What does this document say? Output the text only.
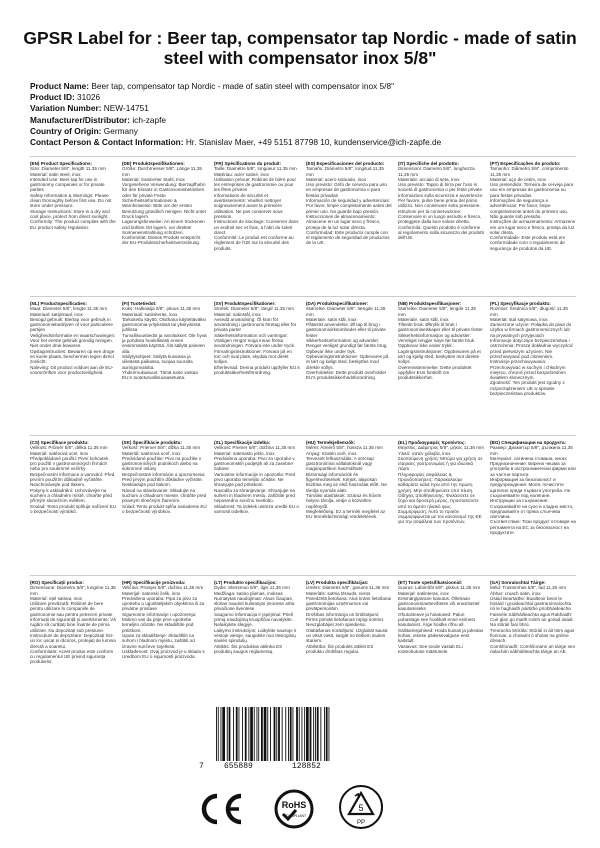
GPSR Label for : Beer tap, compensator tap Nordic - made of satin
steel with compensator inox 5/8"
Product Name: Beer tap, compensator tap Nordic - made of satin steel with compensator inox 5/8"
Product ID: 31026
Variation Number: NEW-14751
Manufacturer/Distributor: ich-zapfe
Country of Origin: Germany
Contact Person & Contact Information: Hr. Stanislav Maer, +49 5151 87798 10, kundenservice@ich-zapfe.de
(EN) Product Specifications:
Size: Diameter 5/8", length 11.35 mm
Material: satin steel, inox
Intended Use: Beer tap for use in gastronomy companies or for private parties
Safety Information & Warnings: Please clean thoroughly before first use. Do not store under pressure.
Storage Instructions: Store in a dry and cool place, protect from direct sunlight.
Conformity: The product complies with the EU product safety regulation.
(DE) Produktspezifikationen:
Größe: Durchmesser 5/8", Länge 11,35 mm
Material: Satinierter Stahl, Inox
Vorgesehene Verwendung: Bierzapfhahn für den Einsatz in Gastronomiebetrieben oder für private Feste
Sicherheitsinformationen & Warnhinweise: Bitte vor der ersten Benutzung gründlich reinigen. Nicht unter Druck lagern.
Lagerungshinweise: An einem trockenen und kühlen Ort lagern, vor direkter Sonneneinstrahlung schützen.
Konformität: Dieses Produkt entspricht der EU-Produktsicherheitsverordnung.
(FR) Spécifications du produit:
Taille: Diamètre 5/8", longueur 11,35 mm
Matériau: acier satiné, inox
Utilisation prévue: Robinet de bière pour les entreprises de gastronomie ou pour les fêtes privées
Informations de sécurité et avertissements: Veuillez nettoyer soigneusement avant la première utilisation. Ne pas conserver sous pression.
Instructions de stockage: Conserver dans un endroit sec et frais, à l'abri du soleil direct.
Conformité: Le produit est conforme au règlement de l'UE sur la sécurité des produits.
(ES) Especificaciones del producto:
Tamaño: Diámetro 5/8", longitud 11,35 mm
Material: acero satinado, inox
Uso previsto: Grifo de cerveza para uso en empresas de gastronomía o para fiestas privadas
Información de seguridad y advertencias: Por favor, limpie completamente antes del primer uso. No guarde bajo presión.
Instrucciones de almacenamiento: Almacene en un lugar seco y fresco, proteja de la luz solar directa.
Conformidad: Este producto cumple con el reglamento de seguridad de productos de la UE.
(IT) Specifiche del prodotto:
Dimensioni: Diametro 5/8", lunghezza 11,35 mm
Materiale: acciaio di seta, inox
Uso previsto: Tappo di birra per l'uso in società di gastronomia o per feste private
Informazioni sulla sicurezza e avvertenze: Per favore, pulire bene prima del primo utilizzo. Non conservare sotto pressione.
Istruzioni per la conservazione: Conservare in un luogo asciutto e fresco, proteggere dalla luce solare diretta.
Conformità: Questo prodotto è conforme al regolamento sulla sicurezza dei prodotti dell'UE.
(PT) Especificações do produto:
Tamanho: Diâmetro 5/8", comprimento 11,35 mm
Material: aço de cetim, inox
Uso pretendido: Torneira de cerveja para uso em empresas de gastronomia ou para festas privadas
Informações de segurança e advertências: Por favor, limpe completamente antes do primeiro uso. Não guarde sob pressão.
Instruções de armazenamento: Armazene em um lugar seco e fresco, proteja da luz solar direta.
Conformidade: Este produto está em conformidade com o regulamento de segurança de produtos da UE.
(NL) Productspecificaties:
Maat: Diameter 5/8", lengte 11,35 mm
Materiaal: satijnstaal, inox
Beoogd gebruik: Biertap voor gebruik in gastronomiebedrijven of voor particuliere partijen
Veiligheidsinformatie en waarschuwingen: Voor het eerste gebruik grondig reinigen. Niet onder druk bewaren.
Opslaginstructies: Bewaren op een droge en koele plaats, beschermen tegen direct zonlicht.
Naleving: Dit product voldoet aan de EU-voorschriften voor productveiligheid.
(FI) Tuotetiedot:
Koko: Halkaisija 5/8", pituus 11,35 mm
Materiaali: satiiniteräs, inox
Tarkoitettu käyttö: Oluthana käytettäväksi gastronomia-yrityksissä tai yksityisissä juhlissa
Turvallisuustiedot ja varoitukset: Ole hyvä ja puhdista huolellisesti ennen ensimmäistä käyttöä. Älä säilytä paineen alla.
Säilytysohjeet: Säilytä kuivassa ja viileässä paikassa, suojaa suoralta auringonvalolta.
Yhdenmukaisuus: Tämä tuote vastaa EU:n tuoteturvallisuusasetusta.
(SV) Produktspecifikationer:
Storlek: Diameter 5/8", längd 11,35 mm
Material: satinstål, inox
Avsedd användning: Öl kran för användning i gastronomi företag eller för privata parter
Säkerhetsinformation och varningar: Vänligen rengör noga innan första användningen. Förvara inte under tryck.
Förvaringsinstruktioner: Förvara på en torr och sval plats, skydda mot direkt solljus.
Efterlevnad: Denna produkt uppfyller EU:s produktsäkerhetsförordning.
(DA) Produktspecifikationer:
Størrelse: Diameter 5/8", længde 11,35 mm
Materiale: satin stål, inox
Påtænkt anvendelse: Øl tap til brug i gastronomivirksomheder eller til private fester
Sikkerhedsinformation og advarsler: Rengør venligst grundigt før første brug. Opbevar ikke under tryk.
Opbevaringsinstruktioner: Opbevares på et tørt og køligt sted, beskyttes mod direkte sollys.
Overholdelse: Dette produkt overholder EU's produktsikkerhedsforordning.
(NB) Produktspesifikasjoner:
Størrelse: Diameter 5/8", lengde 11,35 mm
Materiale: satin stål, inox
Tiltenkt bruk: Øltrykk til bruk i gastronomiselskaper eller til private fester
Sikkerhetsinformasjon og advarsler: Vennligst rengjør nøye før første bruk. Oppbevar ikke under trykk.
Lagringsinstruksjoner: Oppbevares på et tørt og kjølig sted, beskyttes mot direkte sollys.
Overensstemmelse: Dette produktet oppfyller EUs forskrift om produktsikkerhet.
(PL) Specyfikacje produktu:
Rozmiar: Średnica 5/8", długość 11,35 mm
Materiał: stal satynowa, inox
Zamierzone użycie: Połapka do piwa do użytku w firmach gastronomicznych lub na prywatnych przyjęciach
Informacje dotyczące bezpieczeństwa i ostrzeżenia: Proszę dokładnie wyczyścić przed pierwszym użyciem. Nie przechowywać pod ciśnieniem.
Instrukcje przechowywania: Przechowywać w suchym i chłodnym miejscu, chronić przed bezpośrednim światłem słonecznym.
Zgodność: Ten produkt jest zgodny z rozporządzeniem UE w sprawie bezpieczeństwa produktów.
(CS) Specifikace produktu:
Velikost: Průměr 5/8", délka 11,35 mm
Materiál: saténová ocel, inox
Předpokládané použití: Pivní kohoutek pro použití v gastronomických firmách nebo pro soukromé večírky
Bezpečnostní informace a varování: Před prvním použitím důkladně vyčistěte. Neuchovávejte pod tlakem.
Pokyny k uskladnění: Uchovávejte na suchém a chladném místě, chraňte před přímým slunečním světlem.
Soulad: Tento produkt splňuje nařízení EU o bezpečnosti výrobků.
(SK) Špecifikácie produktu:
Veľkosť: Priemer 5/8", dĺžka 11,35 mm
Materiál: saténová oceľ, inox
Predvídané použitie: Pivo na použitie v gastronomických podnikoch alebo na súkromné oslavy
Bezpečnostné informácie a upozornenia: Pred prvým použitím dôkladne vyčistite. Neskladujte pod tlakom.
Návod na skladovanie: Skladujte na suchom a chladnom mieste, chráňte pred priamym slnečným žiarením.
Súlad: Tento produkt spĺňa nariadenie EÚ o bezpečnosti výrobkov.
(SL) Specifikacije izdelka:
Velikost: Premer 5/8", dolžina 11,35 mm
Material: satenasto jeklo, inox
Predvidena uporaba: Pivo za uporabo v gastronomskih podjetjih ali za zasebne zabave
Varnostne informacije in opozorila: Pred prvo uporabo temeljito očistite. Ne shranjujte pod pritiskom.
Navodila za shranjevanje: Shranjujte na suhem in hladnem mestu, zaščitite pred neposredno sončno svetlobo.
Skladnost: Ta izdelek ustreza uredbi EU o varnosti izdelkov.
(HU) Termékjellemzők:
Méret: Átmérő 5/8", hossza 11,35 mm
Anyag: Szatén acél, inox
Tervezett felhasználás: A sörcsap gasztronómiai vállalatoknál vagy magánpartikon használható
Biztonsági információk és figyelmeztetések: Kérjük, alaposan tisztítsa meg az első használat előtt. Ne tárolja nyomás alatt.
Tárolási utasítások: Száraz és hűvös helyen tárolja, védje a közvetlen napfénytől.
Megfelelőség: Ez a termék megfelel az EU termékbiztonsági rendeletének.
(EL) Προδιαγραφές προϊόντος:
Μέγεθος: Διάμετρος 5/8", μήκος 11,35 mm
Υλικό: σατέν χάλυβα, inox
Σκοπούμενη χρήση: Μπύρα για χρήση σε εταιρείες γαστρονομίας ή για ιδιωτικά πάρτι
Πληροφορίες ασφάλειας & προειδοποιήσεις: Παρακαλούμε καθαρίστε καλά πριν από την πρώτη χρήση. Μην αποθηκεύετε υπό πίεση.
Οδηγίες αποθήκευσης: Φυλάσσετε σε ξηρό και δροσερό μέρος, προστατεύστε από το άμεσο ηλιακό φως.
Συμμόρφωση: Αυτό το προϊόν συμμορφώνεται με τον κανονισμό της ΕΕ για την ασφάλεια των προϊόντων.
(BG) Спецификации на продукта:
Размер: Диаметър 5/8", дължина 11,35 mm
Материал: сатинена стомана, инокс
Предназначение: Бирена чешма за употреба в гастрономически фирми или за частни партита
Информация за безопасност и предупреждения: Моля, почистете щателно преди първата употреба. Не съхранявайте под налягане.
Инструкции за съхранение: Съхранявайте на сухо и хладно място, предпазвайте от пряка слънчева светлина.
Съответствие: Този продукт отговаря на регламента на ЕС за безопасност на продуктите.
(RO) Specificații produs:
Dimensiune: Diametru 5/8", lungime 11,35 mm
Material: oțel satinat, inox
Utilizare prevăzută: Robinet de bere pentru utilizare în companiile de gastronomie sau pentru petreceri private
Informații de siguranță și avertismente: Vă rugăm să curățați bine înainte de prima utilizare. Nu depozitați sub presiune.
Instrucțiuni de depozitare: Depozitați într-un loc uscat și răcoros, protejați de lumina directă a soarelui.
Conformitate: Acest produs este conform cu regulamentul UE privind siguranța produselor.
(HR) Specifikacije proizvoda:
Veličina: Promjer 5/8", dužina 11,35 mm
Materijal: satenski čelik, inox
Predviđena uporaba: Pipa za pivo za upotrebu u ugostiteljskim objektima ili za privatne proslave
Sigurnosne informacije i upozorenja: Molimo vas da prije prve upotrebe temeljito očistite. Ne skladištite pod pritiskom.
Upute za skladištenje: Skladištiti na suhom i hladnom mjestu, zaštititi od izravne sunčeve svjetlosti.
Usklađenost: Ovaj proizvod je u skladu s Uredbom EU o sigurnosti proizvoda.
(LT) Produkto specifikacijos:
Dydis: Skersmuo 5/8", ilgis 11,35 mm
Medžiaga: satino plienas, inoksas
Numatytas naudojimas: Alaus čiaupas, skirtas naudoti kulinarijos įmonėse arba privačiose šventėse
Saugumo informacija ir įspėjimai: Prieš pirmą naudojimą kruopščiai nuvalykite. Nelaikykite slėgyje.
Laikymo instrukcijos: Laikykite sausoje ir vėsioje vietoje, saugokite nuo tiesioginių saulės spindulių.
Atitiktis: Šis produktas atitinka ES produktų saugos reglamentą.
(LV) Produkta specifikācijas:
Izmērs: Diametrs 5/8", garums 11,35 mm
Materiāls: satīna tērauds, nerūs
Paredzētā lietošana: Alus krāns lietošanai gastronomijas uzņēmumos vai privātpersonām
Drošības informācija un brīdinājumi: Pirms pirmās lietošanas rūpīgi notīriet. Neuzglabājiet zem spiediena.
Glabāšanas norādījumi: Uzglabāt sausā un vēsā vietā, sargāt no tiešiem saules stariem.
Atbilstība: Šis produkts atbilst ES produktu drošības regulai.
(ET) Toote spetsifikatsioonid:
Suurus: Läbimõõt 5/8", pikkus 11,35 mm
Materjal: satiinteras, inox
Eesmärgipärane kasutus: Õlletraan gastronoomiaettevõtetes või eraüritustel kasutamiseks
Ohutusteave ja hoiatused: Palun puhastage see hoolikalt enne esimest kasutamist. Ärge hoidke rõhu all.
Säilitamisjuhised: Hoida kuivas ja jahedas kohas, otsese päikesevalguse eest kaitstult.
Vastavus: See toode vastab ELi tooteohutuse määrusele.
(GA) Sonraíochtaí Táirge:
Méid: Trastomhas 5/8", fad 11,35 mm
Ábhar: cruach satin, inox
Úsáid Beartaithe: Buailteoir beoir le húsáid i gcuideachtaí gastranómaíochta nó le haghaidh páirtithe príobháideacha
Faisnéis Sábháilteachta agus Rabhaidh: Cuir glan go maith roimh an gcéad úsáid. Ná stóráil faoi bhrú.
Treoracha Stórála: Stóráil in áit tirim agus fionnuar, a chosaint ó sholas na gréine díreach.
Comhlíonadh: Comhlíonann an táirge seo rialachán sábháilteachta táirge an AE.
7	655889	128852
RoHS
COMPLIANT
5
PP
